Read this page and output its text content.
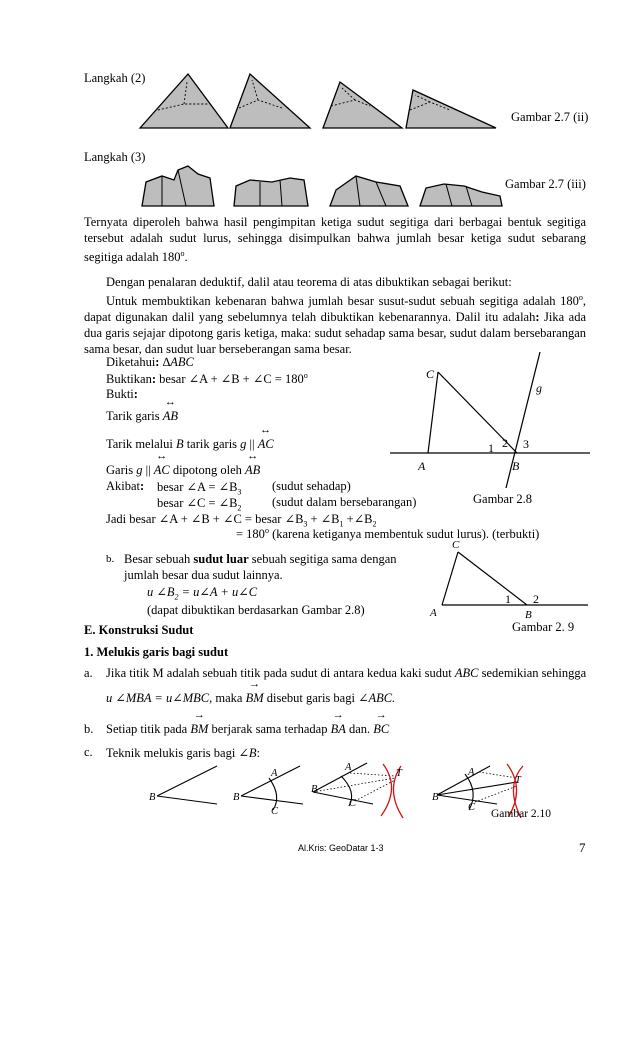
Langkah (2)
Gambar 2.7 (ii)
Langkah (3)
Gambar 2.7 (iii)
Ternyata diperoleh bahwa hasil pengimpitan ketiga sudut segitiga dari berbagai bentuk segitiga tersebut adalah sudut lurus, sehingga disimpulkan bahwa jumlah besar ketiga sudut sebarang segitiga adalah 180$^o$.
Dengan penalaran deduktif, dalil atau teorema di atas dibuktikan sebagai berikut:
Untuk membuktikan kebenaran bahwa jumlah besar susut-sudut sebuah segitiga adalah 180$^o$, dapat digunakan dalil yang sebelumnya telah dibuktikan kebenarannya. Dalil itu adalah: Jika ada dua garis sejajar dipotong garis ketiga, maka: sudut sehadap sama besar, sudut dalam bersebarangan sama besar, dan sudut luar berseberangan sama besar.
Diketahui: ∆ABC
Buktikan: besar ∠A + ∠B + ∠C = $180^o$
Bukti:
Tarik garis
↔
AB
Tarik melalui B tarik garis g ||
↔
AC
Garis g ||
↔
AC dipotong oleh
↔
AB
Akibat: besar ∠A = $\angle B_3$ (sudut sehadap)
besar ∠C = $\angle B_2$ (sudut dalam bersebarangan)
Jadi besar ∠A + ∠B + ∠C = besar $\angle B_3$ + $\angle B_1$ $+\angle B_2$
= $180^o$ (karena ketiganya membentuk sudut lurus). (terbukti)
A
C
B
g
1 2 3
Gambar 2.8
b. Besar sebuah sudut luar sebuah segitiga sama dengan
jumlah besar dua sudut lainnya.
u $\angle B_2$ = u∠A + u∠C
(dapat dibuktikan berdasarkan Gambar 2.8)
C
A	B
1 2
Gambar 2. 9
E. Konstruksi Sudut
1. Melukis garis bagi sudut
a. Jika titik M adalah sebuah titik pada sudut di antara kedua kaki sudut ABC sedemikian sehingga
u ∠MBA = u∠MBC, maka
→
BM disebut garis bagi ∠ABC.
b. Setiap titik pada
→
BM berjarak sama terhadap
→
BA dan.
→
BC
c. Teknik melukis garis bagi ∠B:
B	B
A
C
B
A
C
T
B
A
C
T
Gambar 2.10
Al.Kris: GeoDatar 1-3	7
